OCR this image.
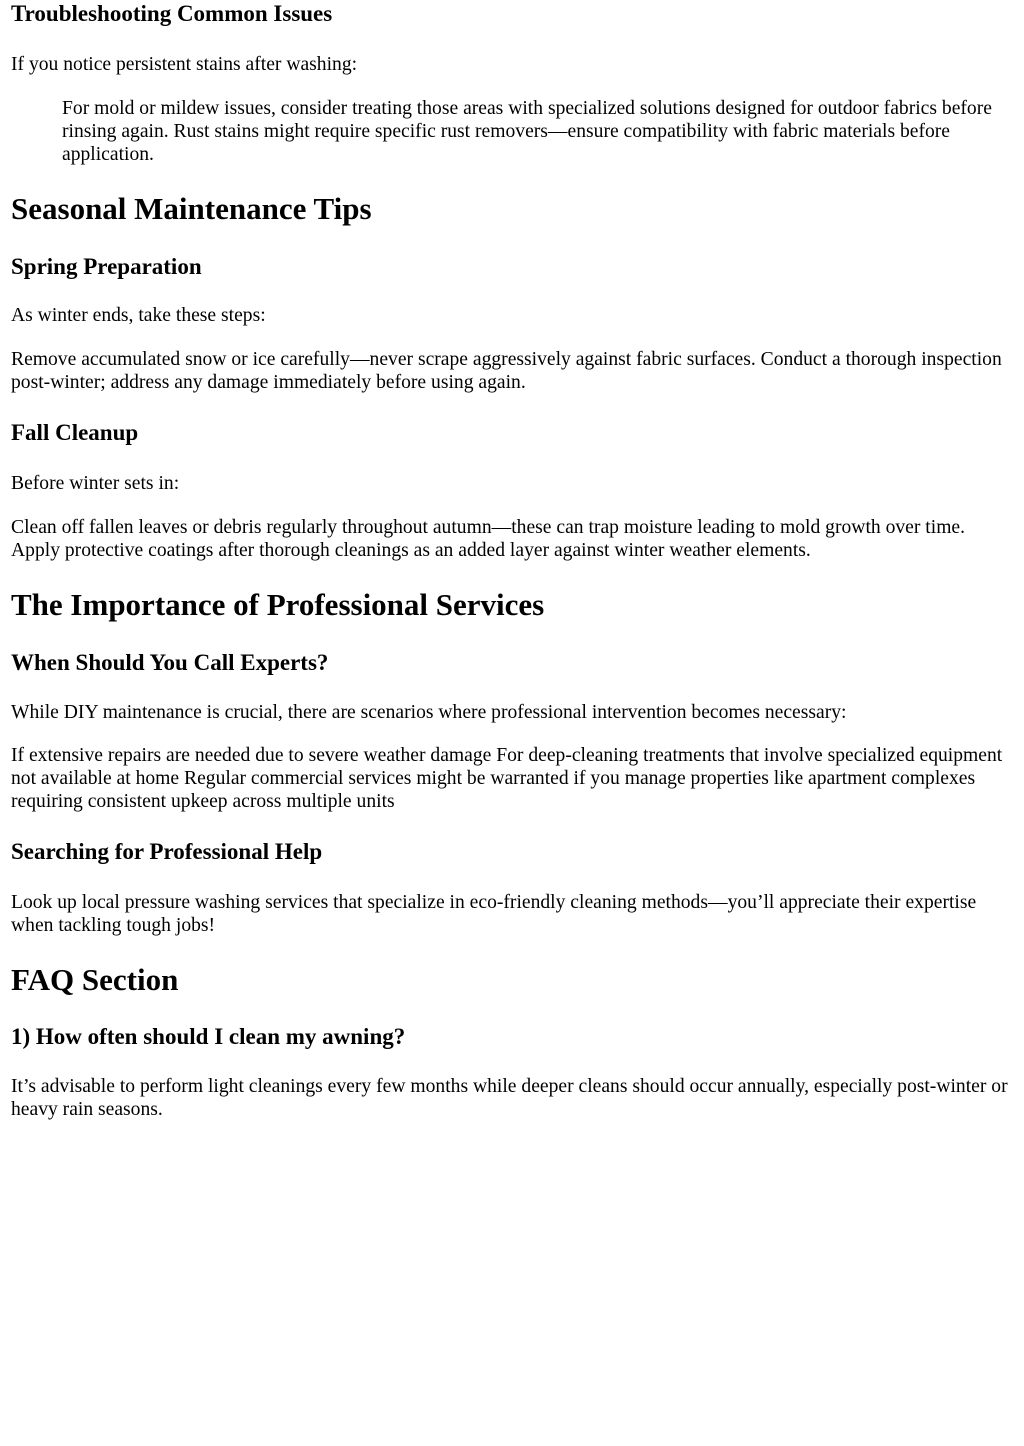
Troubleshooting Common Issues

If you notice persistent stains after washing:

For mold or mildew issues, consider treating those areas with specialized solutions designed for outdoor fabrics before rinsing again. Rust stains might require specific rust removers—ensure compatibility with fabric materials before application.

Seasonal Maintenance Tips
Spring Preparation

As winter ends, take these steps:

Remove accumulated snow or ice carefully—never scrape aggressively against fabric surfaces. Conduct a thorough inspection post-winter; address any damage immediately before using again.

Fall Cleanup

Before winter sets in:

Clean off fallen leaves or debris regularly throughout autumn—these can trap moisture leading to mold growth over time. Apply protective coatings after thorough cleanings as an added layer against winter weather elements.

The Importance of Professional Services
When Should You Call Experts?

While DIY maintenance is crucial, there are scenarios where professional intervention becomes necessary:

If extensive repairs are needed due to severe weather damage For deep-cleaning treatments that involve specialized equipment not available at home Regular commercial services might be warranted if you manage properties like apartment complexes requiring consistent upkeep across multiple units

Searching for Professional Help

Look up local pressure washing services that specialize in eco-friendly cleaning methods—you’ll appreciate their expertise when tackling tough jobs!

FAQ Section
1) How often should I clean my awning?

It’s advisable to perform light cleanings every few months while deeper cleans should occur annually, especially post-winter or heavy rain seasons.
